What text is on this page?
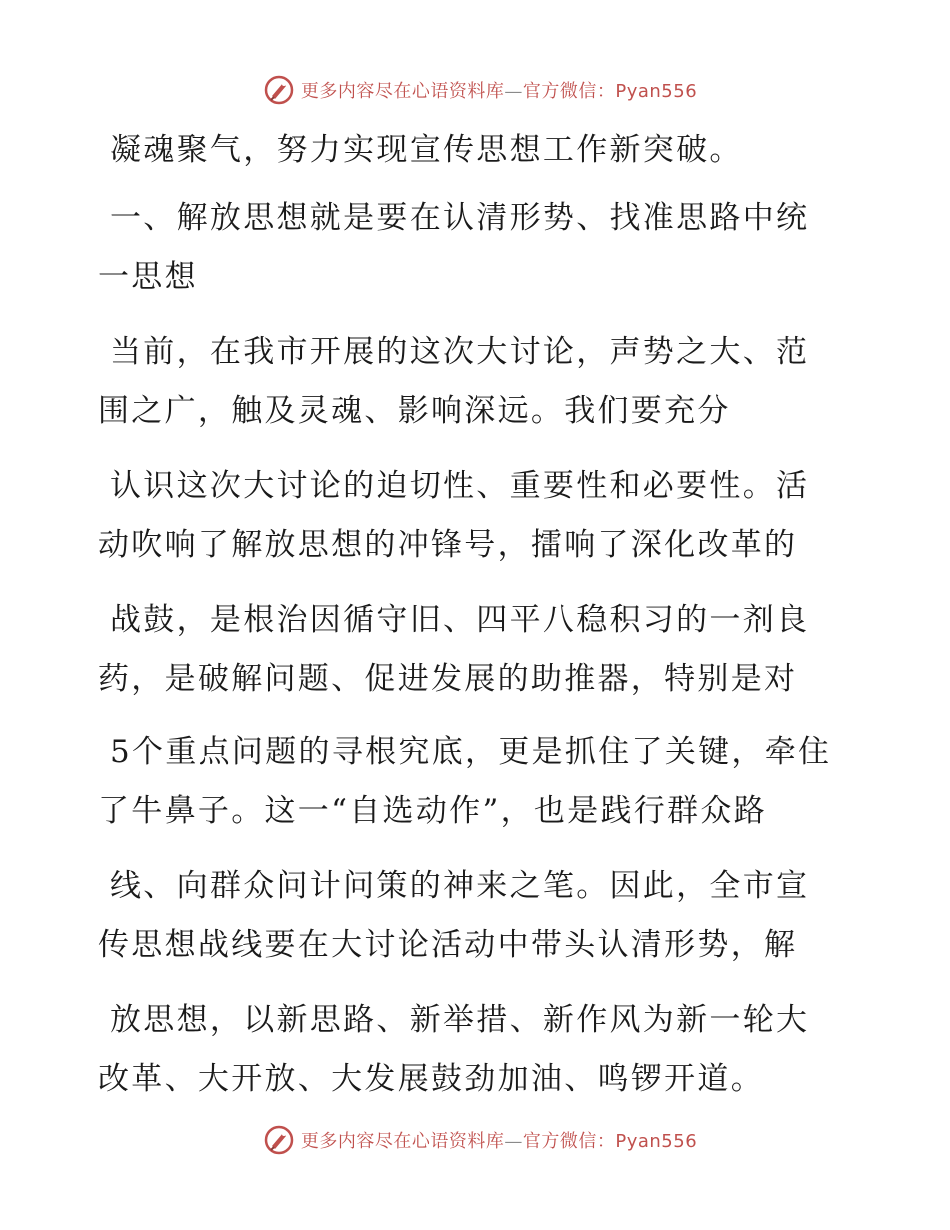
更多内容尽在心语资料库—官方微信：Pyan556
凝魂聚气，努力实现宣传思想工作新突破。
一、解放思想就是要在认清形势、找准思路中统
一思想
当前，在我市开展的这次大讨论，声势之大、范
围之广，触及灵魂、影响深远。我们要充分
认识这次大讨论的迫切性、重要性和必要性。活
动吹响了解放思想的冲锋号，擂响了深化改革的
战鼓，是根治因循守旧、四平八稳积习的一剂良
药，是破解问题、促进发展的助推器，特别是对
5个重点问题的寻根究底，更是抓住了关键，牵住
了牛鼻子。这一“自选动作”，也是践行群众路
线、向群众问计问策的神来之笔。因此，全市宣
传思想战线要在大讨论活动中带头认清形势，解
放思想，以新思路、新举措、新作风为新一轮大
改革、大开放、大发展鼓劲加油、鸣锣开道。
更多内容尽在心语资料库—官方微信：Pyan556
